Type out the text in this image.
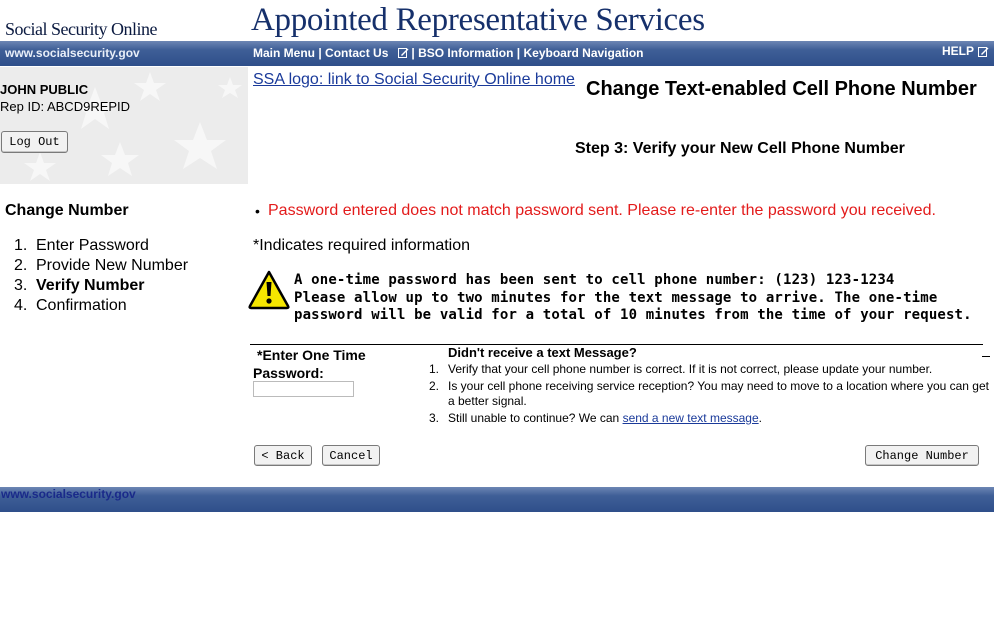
Social Security Online	Appointed Representative Services
www.socialsecurity.gov	Main Menu | Contact Us | BSO Information | Keyboard Navigation	HELP
JOHN PUBLIC
Rep ID: ABCD9REPID
Log Out
Change Number
1. Enter Password
2. Provide New Number
3. Verify Number
4. Confirmation
SSA logo: link to Social Security Online home Change Text-enabled Cell Phone Number
Step 3: Verify your New Cell Phone Number
• Password entered does not match password sent. Please re-enter the password you received.
*Indicates required information
A one-time password has been sent to cell phone number: (123) 123-1234
Please allow up to two minutes for the text message to arrive. The one-time password will be valid for a total of 10 minutes from the time of your request.
*Enter One Time
Password:
Didn't receive a text Message?
1. Verify that your cell phone number is correct. If it is not correct, please update your number.
2. Is your cell phone receiving service reception? You may need to move to a location where you can get a better signal.
3. Still unable to continue? We can send a new text message.
< Back	Cancel	Change Number
www.socialsecurity.gov
